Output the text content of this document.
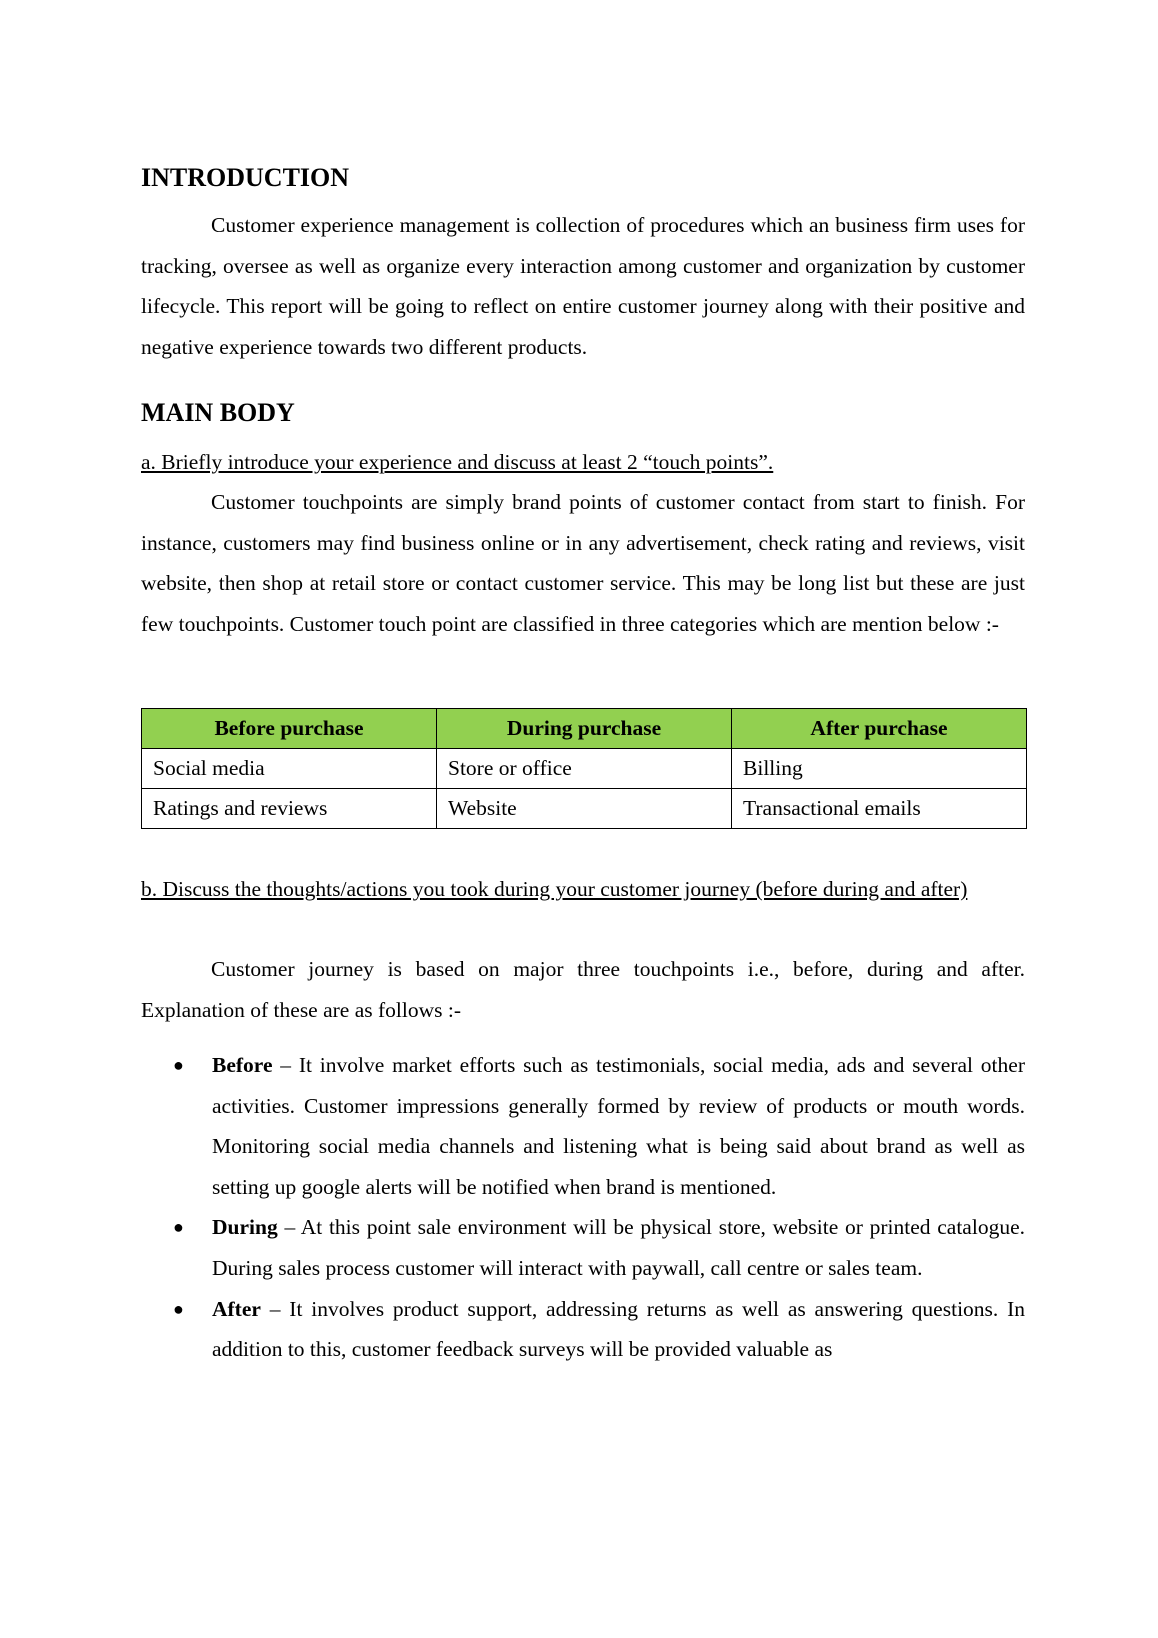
INTRODUCTION

Customer experience management is collection of procedures which an business firm uses for tracking, oversee as well as organize every interaction among customer and organization by customer lifecycle. This report will be going to reflect on entire customer journey along with their positive and negative experience towards two different products.

MAIN BODY

a. Briefly introduce your experience and discuss at least 2 “touch points”.

Customer touchpoints are simply brand points of customer contact from start to finish. For instance, customers may find business online or in any advertisement, check rating and reviews, visit website, then shop at retail store or contact customer service. This may be long list but these are just few touchpoints. Customer touch point are classified in three categories which are mention below :-

Before purchase	During purchase	After purchase
Social media	Store or office	Billing
Ratings and reviews	Website	Transactional emails

b. Discuss the thoughts/actions you took during your customer journey (before during and after)

Customer journey is based on major three touchpoints i.e., before, during and after. Explanation of these are as follows :-

● Before – It involve market efforts such as testimonials, social media, ads and several other activities. Customer impressions generally formed by review of products or mouth words. Monitoring social media channels and listening what is being said about brand as well as setting up google alerts will be notified when brand is mentioned.
● During – At this point sale environment will be physical store, website or printed catalogue. During sales process customer will interact with paywall, call centre or sales team.
● After – It involves product support, addressing returns as well as answering questions. In addition to this, customer feedback surveys will be provided valuable as
